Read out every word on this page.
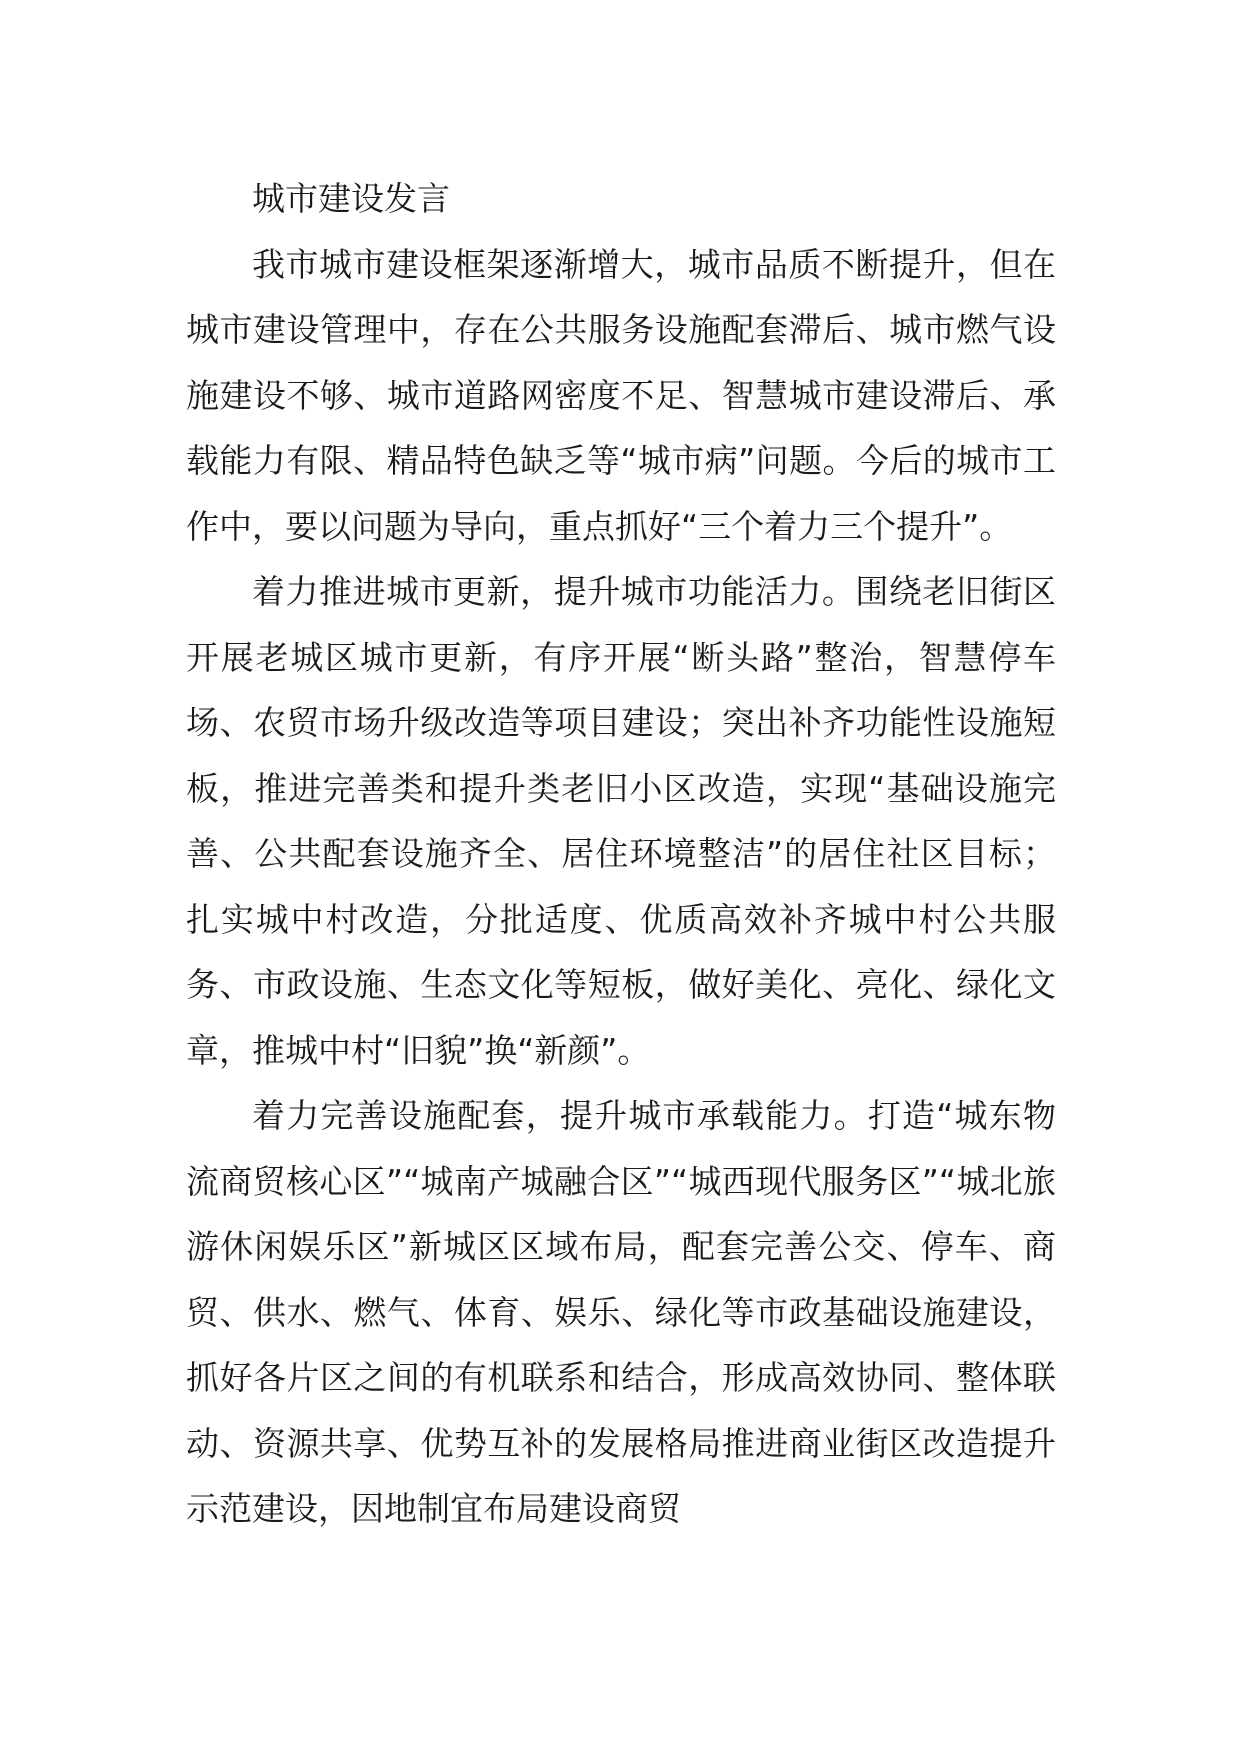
城市建设发言

我市城市建设框架逐渐增大，城市品质不断提升，但在城市建设管理中，存在公共服务设施配套滞后、城市燃气设施建设不够、城市道路网密度不足、智慧城市建设滞后、承载能力有限、精品特色缺乏等“城市病”问题。今后的城市工作中，要以问题为导向，重点抓好“三个着力三个提升”。

着力推进城市更新，提升城市功能活力。围绕老旧街区开展老城区城市更新，有序开展“断头路”整治，智慧停车场、农贸市场升级改造等项目建设；突出补齐功能性设施短板，推进完善类和提升类老旧小区改造，实现“基础设施完善、公共配套设施齐全、居住环境整洁”的居住社区目标；扎实城中村改造，分批适度、优质高效补齐城中村公共服务、市政设施、生态文化等短板，做好美化、亮化、绿化文章，推城中村“旧貌”换“新颜”。

着力完善设施配套，提升城市承载能力。打造“城东物流商贸核心区”“城南产城融合区”“城西现代服务区”“城北旅游休闲娱乐区”新城区区域布局，配套完善公交、停车、商贸、供水、燃气、体育、娱乐、绿化等市政基础设施建设，抓好各片区之间的有机联系和结合，形成高效协同、整体联动、资源共享、优势互补的发展格局推进商业街区改造提升示范建设，因地制宜布局建设商贸
